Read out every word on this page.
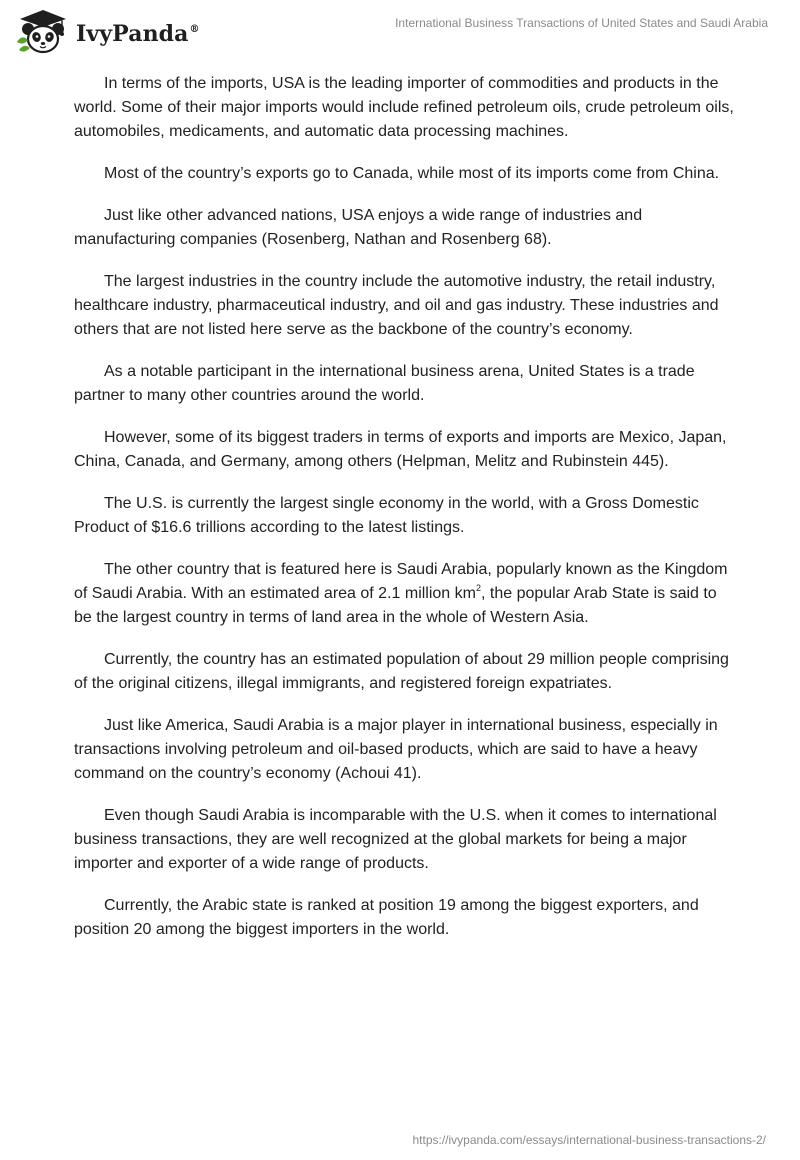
IvyPanda®	International Business Transactions of United States and Saudi Arabia

In terms of the imports, USA is the leading importer of commodities and products in the world. Some of their major imports would include refined petroleum oils, crude petroleum oils, automobiles, medicaments, and automatic data processing machines.

Most of the country’s exports go to Canada, while most of its imports come from China.

Just like other advanced nations, USA enjoys a wide range of industries and manufacturing companies (Rosenberg, Nathan and Rosenberg 68).

The largest industries in the country include the automotive industry, the retail industry, healthcare industry, pharmaceutical industry, and oil and gas industry. These industries and others that are not listed here serve as the backbone of the country’s economy.

As a notable participant in the international business arena, United States is a trade partner to many other countries around the world.

However, some of its biggest traders in terms of exports and imports are Mexico, Japan, China, Canada, and Germany, among others (Helpman, Melitz and Rubinstein 445).

The U.S. is currently the largest single economy in the world, with a Gross Domestic Product of $16.6 trillions according to the latest listings.

The other country that is featured here is Saudi Arabia, popularly known as the Kingdom of Saudi Arabia. With an estimated area of 2.1 million $km^2$, the popular Arab State is said to be the largest country in terms of land area in the whole of Western Asia.

Currently, the country has an estimated population of about 29 million people comprising of the original citizens, illegal immigrants, and registered foreign expatriates.

Just like America, Saudi Arabia is a major player in international business, especially in transactions involving petroleum and oil-based products, which are said to have a heavy command on the country’s economy (Achoui 41).

Even though Saudi Arabia is incomparable with the U.S. when it comes to international business transactions, they are well recognized at the global markets for being a major importer and exporter of a wide range of products.

Currently, the Arabic state is ranked at position 19 among the biggest exporters, and position 20 among the biggest importers in the world.

https://ivypanda.com/essays/international-business-transactions-2/
